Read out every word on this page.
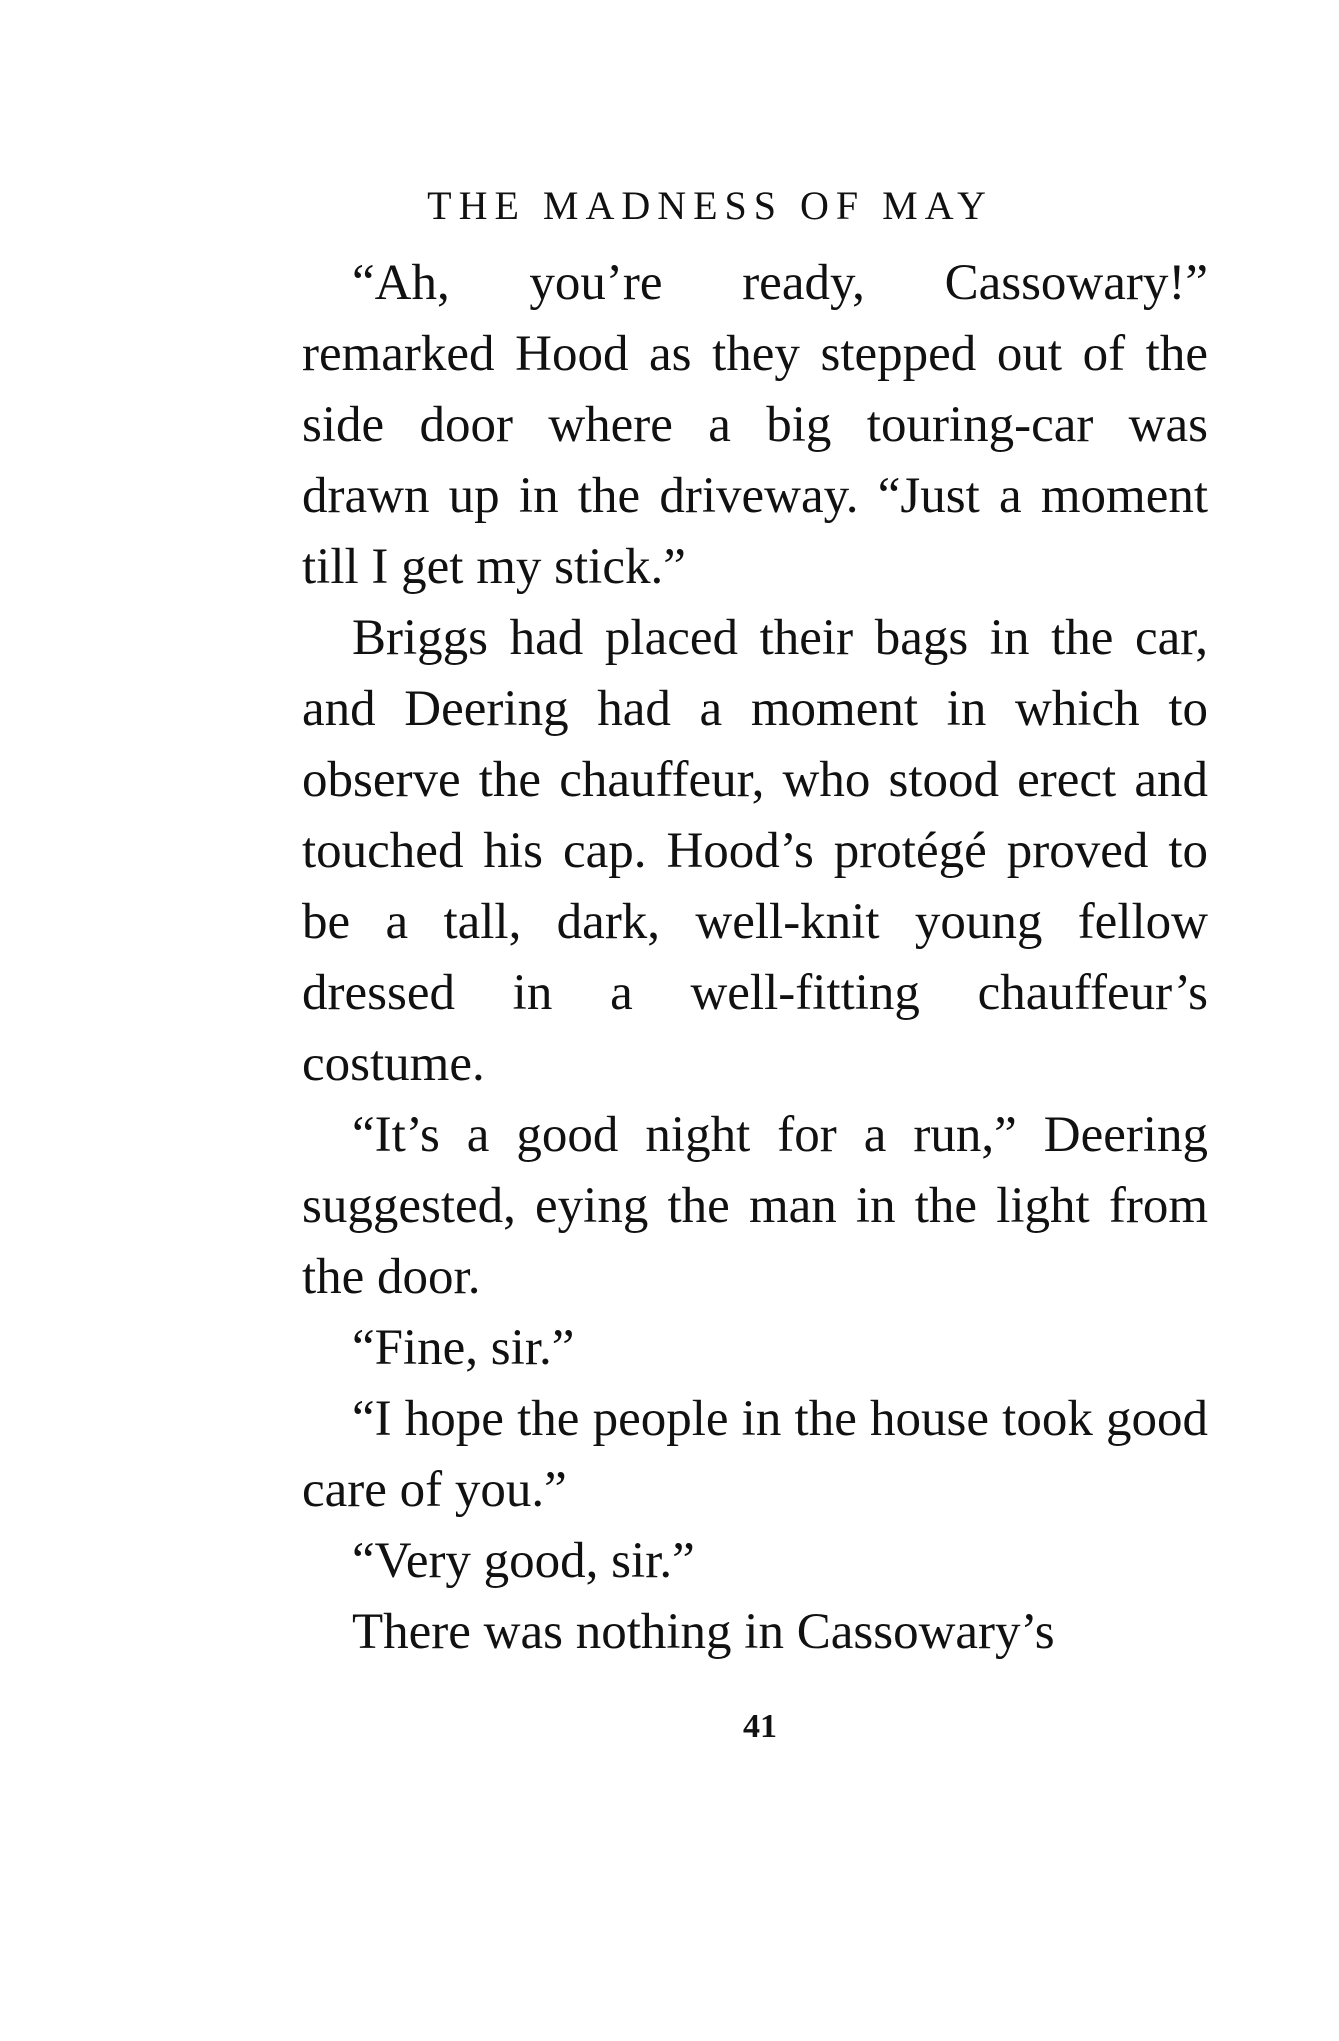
THE MADNESS OF MAY

“Ah, you’re ready, Cassowary!” remarked Hood as they stepped out of the side door where a big touring-car was drawn up in the driveway. “Just a moment till I get my stick.”

Briggs had placed their bags in the car, and Deering had a moment in which to observe the chauffeur, who stood erect and touched his cap. Hood’s protégé proved to be a tall, dark, well-knit young fellow dressed in a well-fitting chauffeur’s costume.

“It’s a good night for a run,” Deering suggested, eying the man in the light from the door.

“Fine, sir.”

“I hope the people in the house took good care of you.”

“Very good, sir.”

There was nothing in Cassowary’s

41
